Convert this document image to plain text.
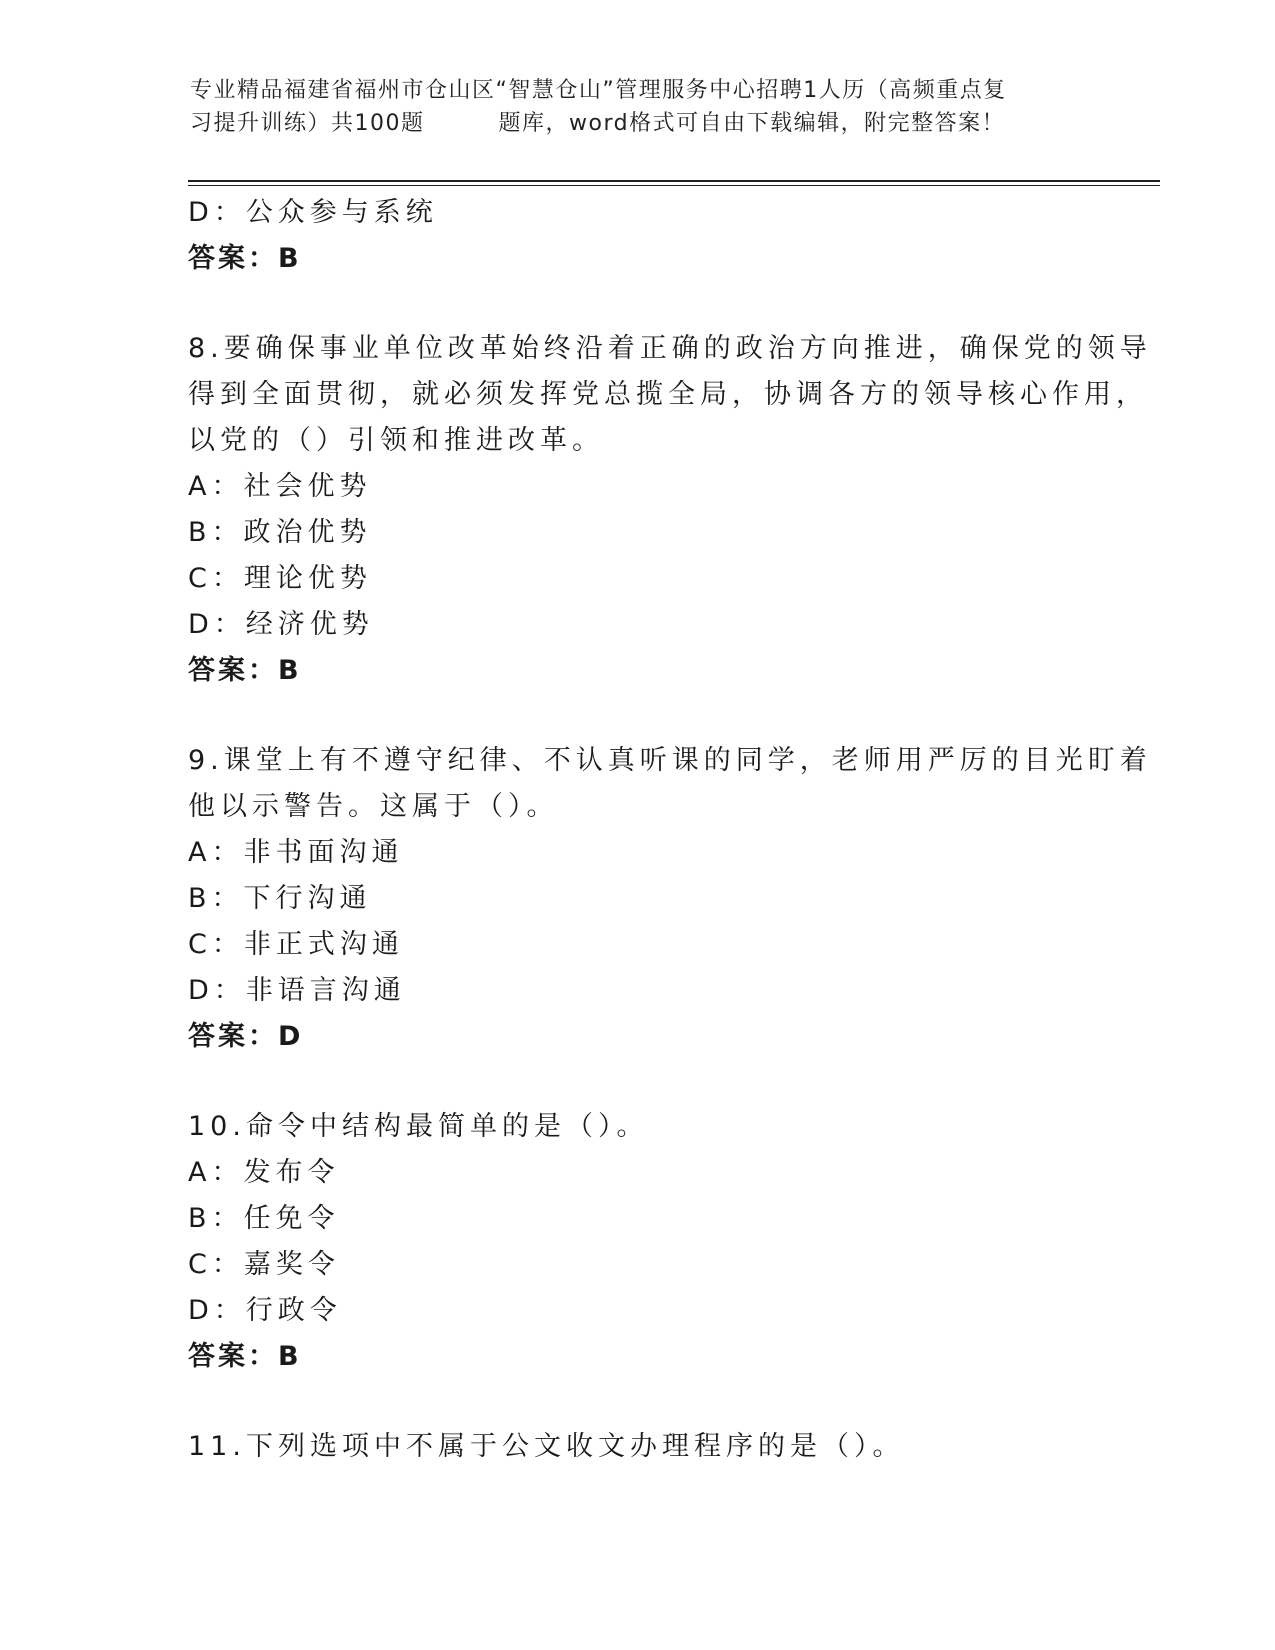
专业精品福建省福州市仓山区“智慧仓山”管理服务中心招聘1人历（高频重点复
习提升训练）共100题	题库，word格式可自由下载编辑，附完整答案！
D：公众参与系统
答案：B
8.要确保事业单位改革始终沿着正确的政治方向推进，确保党的领导
得到全面贯彻，就必须发挥党总揽全局，协调各方的领导核心作用，
以党的（）引领和推进改革。
A：社会优势
B：政治优势
C：理论优势
D：经济优势
答案：B
9.课堂上有不遵守纪律、不认真听课的同学，老师用严厉的目光盯着
他以示警告。这属于（）。
A：非书面沟通
B：下行沟通
C：非正式沟通
D：非语言沟通
答案：D
10.命令中结构最简单的是（）。
A：发布令
B：任免令
C：嘉奖令
D：行政令
答案：B
11.下列选项中不属于公文收文办理程序的是（）。
